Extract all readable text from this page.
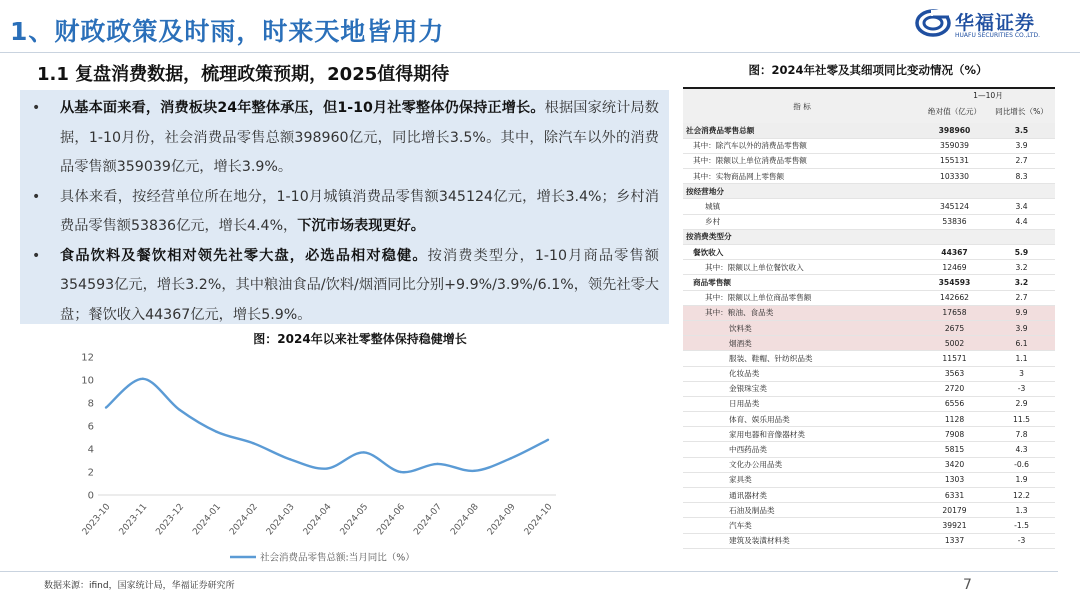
1、财政政策及时雨，时来天地皆用力	华福证券
HUAFU SECURITIES CO.,LTD.
1.1 复盘消费数据，梳理政策预期，2025值得期待
• 从基本面来看，消费板块24年整体承压，但1-10月社零整体仍保持正增长。根据国家统计局数据，1-10月份，社会消费品零售总额398960亿元，同比增长3.5%。其中，除汽车以外的消费品零售额359039亿元，增长3.9%。
• 具体来看，按经营单位所在地分，1-10月城镇消费品零售额345124亿元，增长3.4%；乡村消费品零售额53836亿元，增长4.4%，下沉市场表现更好。
• 食品饮料及餐饮相对领先社零大盘，必选品相对稳健。按消费类型分，1-10月商品零售额354593亿元，增长3.2%，其中粮油食品/饮料/烟酒同比分别+9.9%/3.9%/6.1%，领先社零大盘；餐饮收入44367亿元，增长5.9%。
图：2024年以来社零整体保持稳健增长
0
2
4
6
8
10
12
2023-10 2023-11 2023-12 2024-01 2024-02 2024-03 2024-04 2024-05 2024-06 2024-07 2024-08 2024-09 2024-10
社会消费品零售总额:当月同比（%）
图：2024年社零及其细项同比变动情况（%）
指 标	1—10月	
	绝对值（亿元）	同比增长（%）
社会消费品零售总额	398960	3.5
其中：除汽车以外的消费品零售额	359039	3.9
其中：限额以上单位消费品零售额	155131	2.7
其中：实物商品网上零售额	103330	8.3
按经营地分		
城镇	345124	3.4
乡村	53836	4.4
按消费类型分		
餐饮收入	44367	5.9
其中：限额以上单位餐饮收入	12469	3.2
商品零售额	354593	3.2
其中：限额以上单位商品零售额	142662	2.7
其中：粮油、食品类	17658	9.9
饮料类	2675	3.9
烟酒类	5002	6.1
服装、鞋帽、针纺织品类	11571	1.1
化妆品类	3563	3
金银珠宝类	2720	-3
日用品类	6556	2.9
体育、娱乐用品类	1128	11.5
家用电器和音像器材类	7908	7.8
中西药品类	5815	4.3
文化办公用品类	3420	-0.6
家具类	1303	1.9
通讯器材类	6331	12.2
石油及制品类	20179	1.3
汽车类	39921	-1.5
建筑及装潢材料类	1337	-3
数据来源：ifind，国家统计局，华福证券研究所	7
